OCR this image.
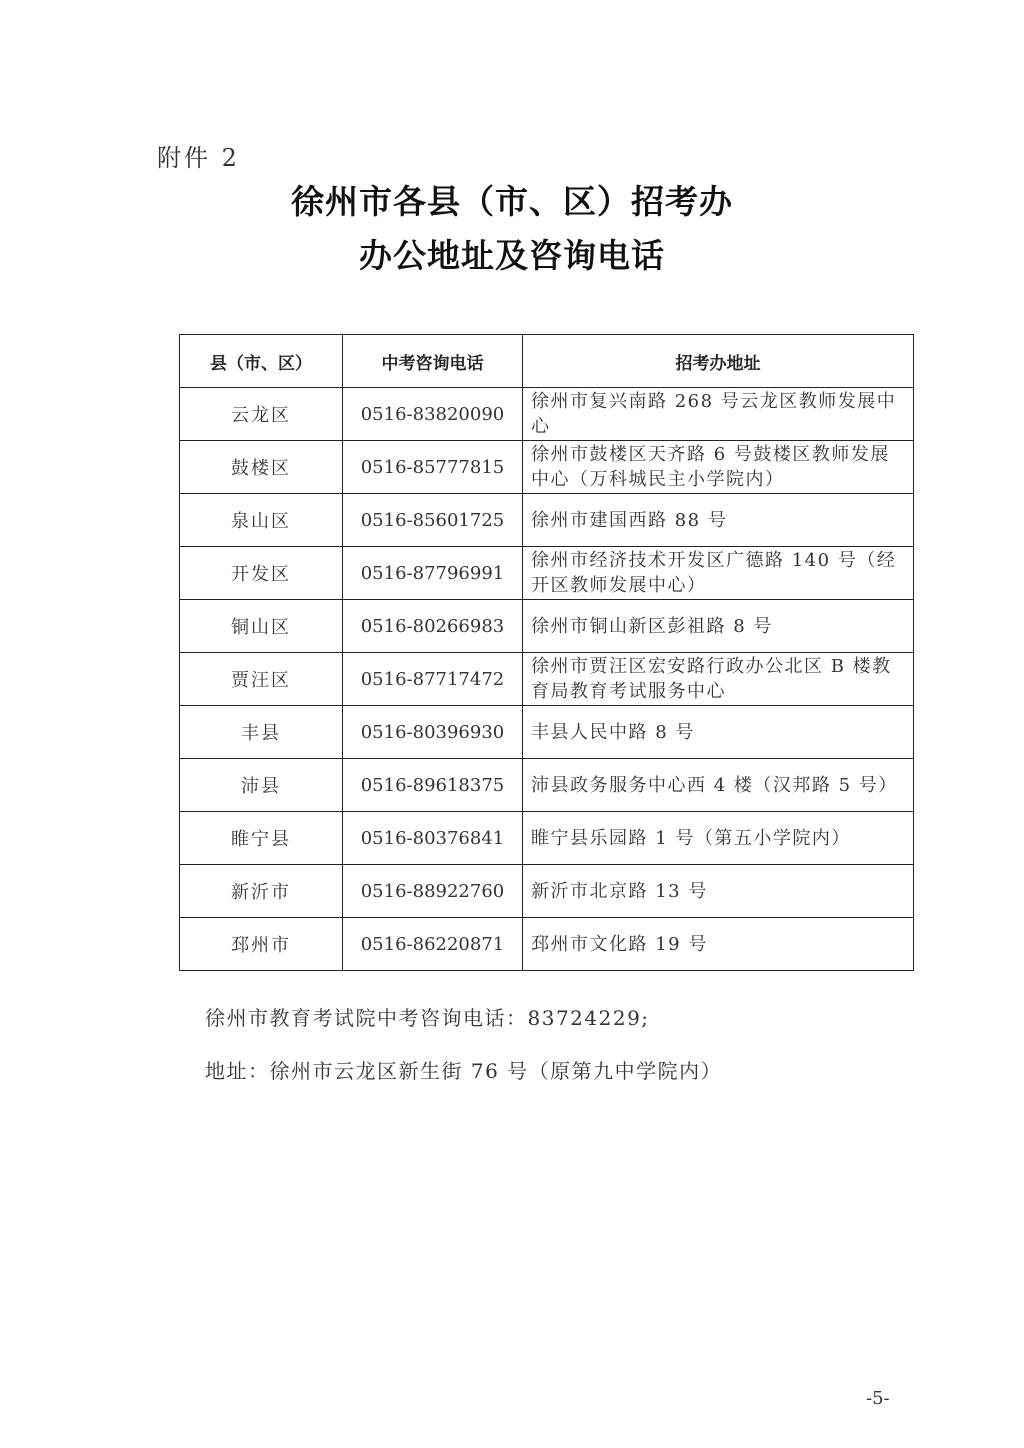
附件 2
徐州市各县（市、区）招考办
办公地址及咨询电话
县（市、区）	中考咨询电话	招考办地址
云龙区	0516-83820090	徐州市复兴南路 268 号云龙区教师发展中心
鼓楼区	0516-85777815	徐州市鼓楼区天齐路 6 号鼓楼区教师发展中心（万科城民主小学院内）
泉山区	0516-85601725	徐州市建国西路 88 号
开发区	0516-87796991	徐州市经济技术开发区广德路 140 号（经开区教师发展中心）
铜山区	0516-80266983	徐州市铜山新区彭祖路 8 号
贾汪区	0516-87717472	徐州市贾汪区宏安路行政办公北区 B 楼教育局教育考试服务中心
丰县	0516-80396930	丰县人民中路 8 号
沛县	0516-89618375	沛县政务服务中心西 4 楼（汉邦路 5 号）
睢宁县	0516-80376841	睢宁县乐园路 1 号（第五小学院内）
新沂市	0516-88922760	新沂市北京路 13 号
邳州市	0516-86220871	邳州市文化路 19 号
徐州市教育考试院中考咨询电话：83724229;
地址：徐州市云龙区新生街 76 号（原第九中学院内）
-5-
